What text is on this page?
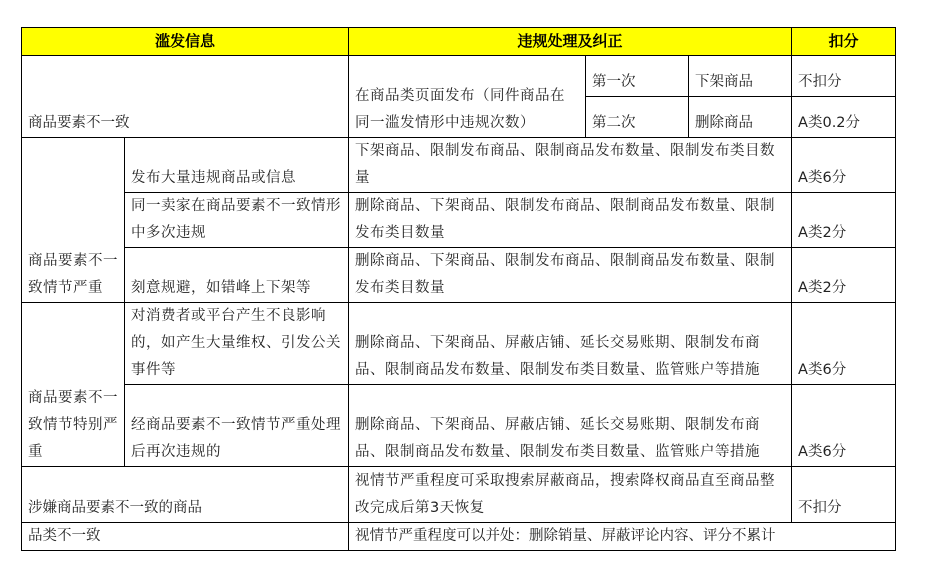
滥发信息		违规处理及纠正			扣分
商品要素不一致		在商品类页面发布（同件商品在同一滥发情形中违规次数）	第一次	下架商品	不扣分
			第二次	删除商品	A类0.2分

商品要素不一致情节严重	发布大量违规商品或信息	下架商品、限制发布商品、限制商品发布数量、限制发布类目数量			A类6分

	同一卖家在商品要素不一致情形中多次违规	删除商品、下架商品、限制发布商品、限制商品发布数量、限制发布类目数量			A类2分

	刻意规避，如错峰上下架等	删除商品、下架商品、限制发布商品、限制商品发布数量、限制发布类目数量			A类2分

商品要素不一致情节特别严重	对消费者或平台产生不良影响的，如产生大量维权、引发公关事件等	删除商品、下架商品、屏蔽店铺、延长交易账期、限制发布商品、限制商品发布数量、限制发布类目数量、监管账户等措施			A类6分

	经商品要素不一致情节严重处理后再次违规的	删除商品、下架商品、屏蔽店铺、延长交易账期、限制发布商品、限制商品发布数量、限制发布类目数量、监管账户等措施			A类6分
涉嫌商品要素不一致的商品		视情节严重程度可采取搜索屏蔽商品，搜索降权商品直至商品整改完成后第3天恢复			不扣分
品类不一致		视情节严重程度可以并处：删除销量、屏蔽评论内容、评分不累计			
